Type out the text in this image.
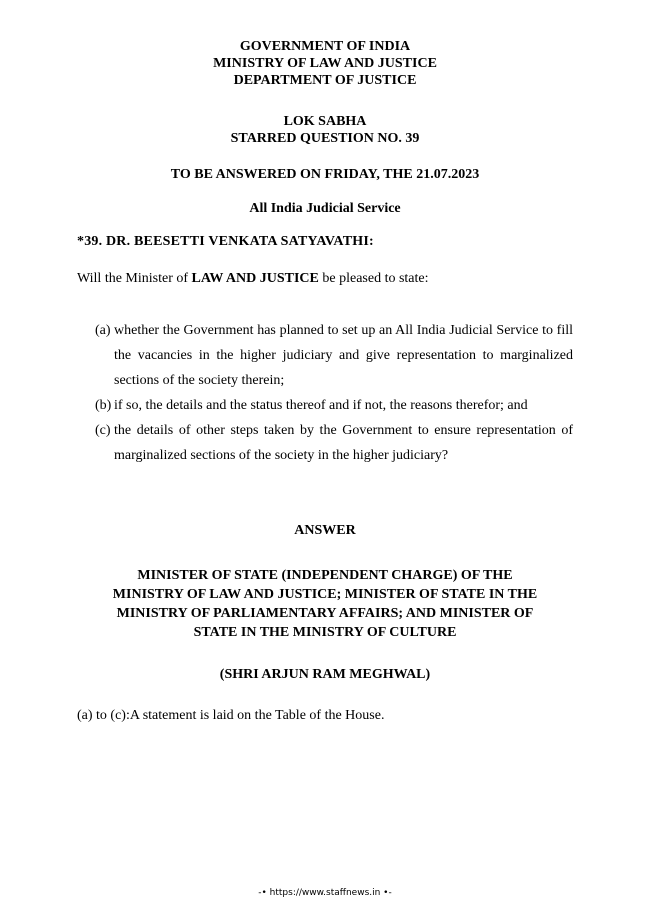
GOVERNMENT OF INDIA
MINISTRY OF LAW AND JUSTICE
DEPARTMENT OF JUSTICE
LOK SABHA
STARRED QUESTION NO. 39
TO BE ANSWERED ON FRIDAY, THE 21.07.2023
All India Judicial Service
*39. DR. BEESETTI VENKATA SATYAVATHI:
Will the Minister of LAW AND JUSTICE be pleased to state:
(a) whether the Government has planned to set up an All India Judicial Service to fill the vacancies in the higher judiciary and give representation to marginalized sections of the society therein;
(b) if so, the details and the status thereof and if not, the reasons therefor; and
(c) the details of other steps taken by the Government to ensure representation of marginalized sections of the society in the higher judiciary?
ANSWER
MINISTER OF STATE (INDEPENDENT CHARGE) OF THE
MINISTRY OF LAW AND JUSTICE; MINISTER OF STATE IN THE
MINISTRY OF PARLIAMENTARY AFFAIRS; AND MINISTER OF
STATE IN THE MINISTRY OF CULTURE
(SHRI ARJUN RAM MEGHWAL)
(a) to (c):A statement is laid on the Table of the House.
-• https://www.staffnews.in •-
